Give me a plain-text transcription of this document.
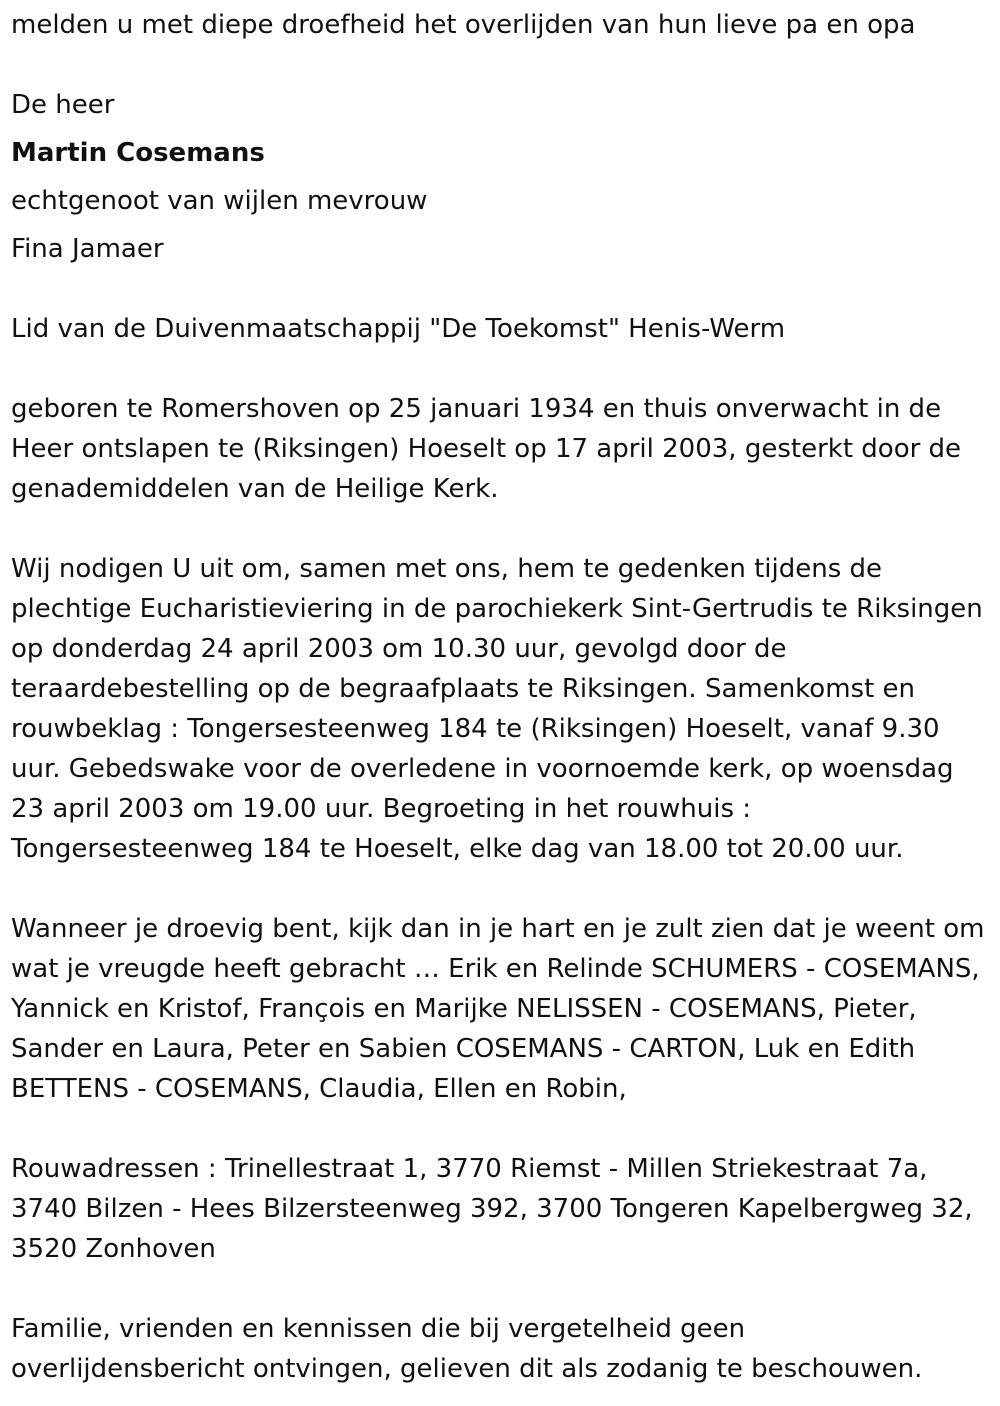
melden u met diepe droefheid het overlijden van hun lieve pa en opa
De heer
Martin Cosemans
echtgenoot van wijlen mevrouw
Fina Jamaer
Lid van de Duivenmaatschappij "De Toekomst" Henis-Werm

geboren te Romershoven op 25 januari 1934 en thuis onverwacht in de Heer ontslapen te (Riksingen) Hoeselt op 17 april 2003, gesterkt door de genademiddelen van de Heilige Kerk.

Wij nodigen U uit om, samen met ons, hem te gedenken tijdens de plechtige Eucharistieviering in de parochiekerk Sint-Gertrudis te Riksingen op donderdag 24 april 2003 om 10.30 uur, gevolgd door de teraardebestelling op de begraafplaats te Riksingen. Samenkomst en rouwbeklag : Tongersesteenweg 184 te (Riksingen) Hoeselt, vanaf 9.30 uur. Gebedswake voor de overledene in voornoemde kerk, op woensdag 23 april 2003 om 19.00 uur. Begroeting in het rouwhuis : Tongersesteenweg 184 te Hoeselt, elke dag van 18.00 tot 20.00 uur.

Wanneer je droevig bent, kijk dan in je hart en je zult zien dat je weent om wat je vreugde heeft gebracht … Erik en Relinde SCHUMERS - COSEMANS, Yannick en Kristof, François en Marijke NELISSEN - COSEMANS, Pieter, Sander en Laura, Peter en Sabien COSEMANS - CARTON, Luk en Edith BETTENS - COSEMANS, Claudia, Ellen en Robin,

Rouwadressen : Trinellestraat 1, 3770 Riemst - Millen Striekestraat 7a, 3740 Bilzen - Hees Bilzersteenweg 392, 3700 Tongeren Kapelbergweg 32, 3520 Zonhoven

Familie, vrienden en kennissen die bij vergetelheid geen overlijdensbericht ontvingen, gelieven dit als zodanig te beschouwen.
